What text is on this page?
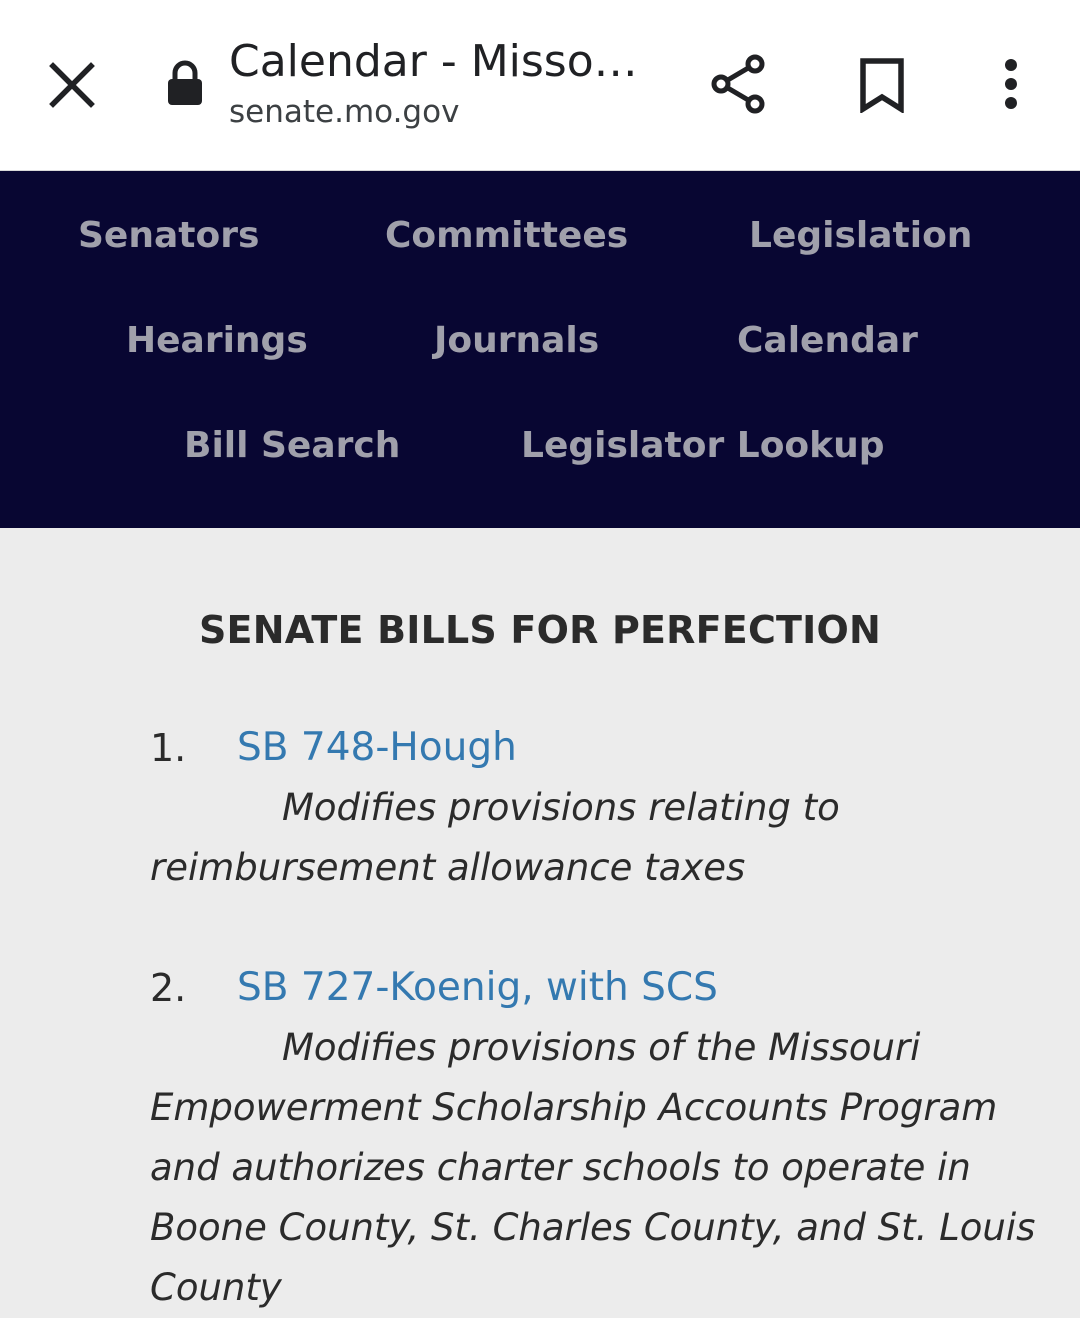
Calendar - Misso…
senate.mo.gov
Senators	Committees	Legislation
Hearings	Journals	Calendar
Bill Search	Legislator Lookup
SENATE BILLS FOR PERFECTION
1. SB 748-Hough

Modifies provisions relating to reimbursement allowance taxes

2. SB 727-Koenig, with SCS

Modifies provisions of the Missouri Empowerment Scholarship Accounts Program and authorizes charter schools to operate in Boone County, St. Charles County, and St. Louis County
